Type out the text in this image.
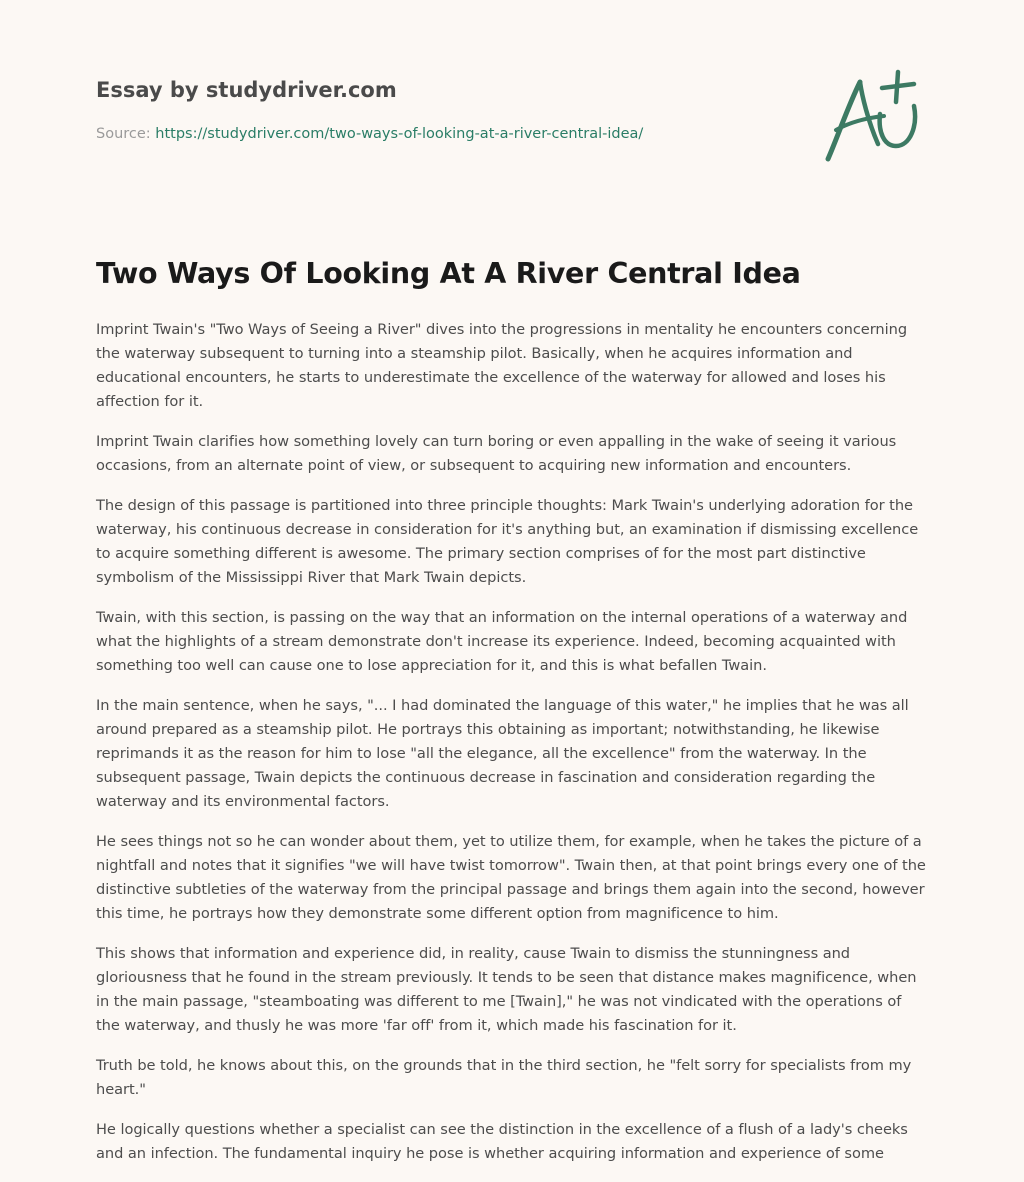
Essay by studydriver.com
Source: https://studydriver.com/two-ways-of-looking-at-a-river-central-idea/
Two Ways Of Looking At A River Central Idea

Imprint Twain's "Two Ways of Seeing a River" dives into the progressions in mentality he encounters concerning the waterway subsequent to turning into a steamship pilot. Basically, when he acquires information and educational encounters, he starts to underestimate the excellence of the waterway for allowed and loses his affection for it.

Imprint Twain clarifies how something lovely can turn boring or even appalling in the wake of seeing it various occasions, from an alternate point of view, or subsequent to acquiring new information and encounters.

The design of this passage is partitioned into three principle thoughts: Mark Twain's underlying adoration for the waterway, his continuous decrease in consideration for it's anything but, an examination if dismissing excellence to acquire something different is awesome. The primary section comprises of for the most part distinctive symbolism of the Mississippi River that Mark Twain depicts.

Twain, with this section, is passing on the way that an information on the internal operations of a waterway and what the highlights of a stream demonstrate don't increase its experience. Indeed, becoming acquainted with something too well can cause one to lose appreciation for it, and this is what befallen Twain.

In the main sentence, when he says, "... I had dominated the language of this water," he implies that he was all around prepared as a steamship pilot. He portrays this obtaining as important; notwithstanding, he likewise reprimands it as the reason for him to lose "all the elegance, all the excellence" from the waterway. In the subsequent passage, Twain depicts the continuous decrease in fascination and consideration regarding the waterway and its environmental factors.

He sees things not so he can wonder about them, yet to utilize them, for example, when he takes the picture of a nightfall and notes that it signifies "we will have twist tomorrow". Twain then, at that point brings every one of the distinctive subtleties of the waterway from the principal passage and brings them again into the second, however this time, he portrays how they demonstrate some different option from magnificence to him.

This shows that information and experience did, in reality, cause Twain to dismiss the stunningness and gloriousness that he found in the stream previously. It tends to be seen that distance makes magnificence, when in the main passage, "steamboating was different to me [Twain]," he was not vindicated with the operations of the waterway, and thusly he was more 'far off' from it, which made his fascination for it.

Truth be told, he knows about this, on the grounds that in the third section, he "felt sorry for specialists from my heart."

He logically questions whether a specialist can see the distinction in the excellence of a flush of a lady's cheeks and an infection. The fundamental inquiry he pose is whether acquiring information and experience of some
